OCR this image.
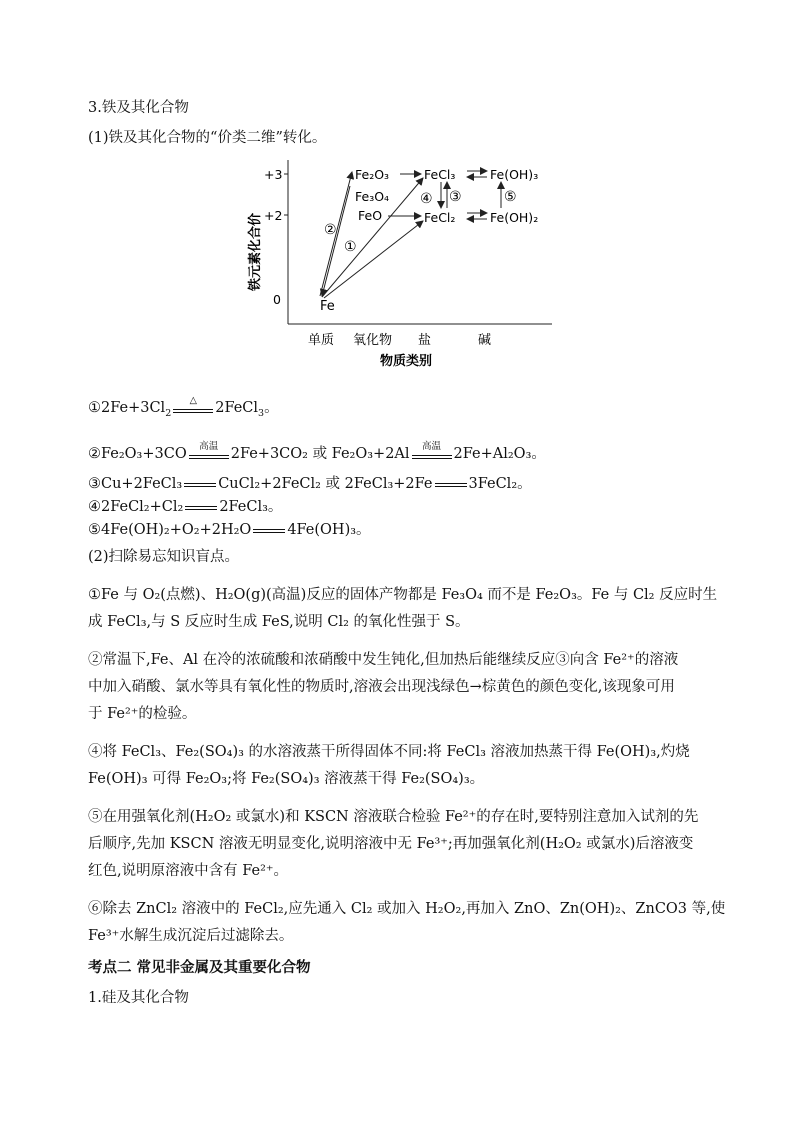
3.铁及其化合物
(1)铁及其化合物的“价类二维”转化。
+3
+2
0
铁元素化合价
单质 氧化物 盐	碱
物质类别
Fe
Fe₂O₃
Fe₃O₄
FeO
FeCl₃
FeCl₂
Fe(OH)₃
Fe(OH)₂
①
②
③
④	⑤
$①2Fe+3Cl_2$
△	2FeCl$_3$。
②Fe₂O₃+3CO	高温 2Fe+3CO₂ 或 Fe₂O₃+2Al	高温 2Fe+Al₂O₃。
③Cu+2FeCl₃ CuCl₂+2FeCl₂ 或 2FeCl₃+2Fe 3FeCl₂。
④2FeCl₂+Cl₂ 2FeCl₃。
⑤4Fe(OH)₂+O₂+2H₂O 4Fe(OH)₃。
(2)扫除易忘知识盲点。
①Fe 与 O₂(点燃)、H₂O(g)(高温)反应的固体产物都是 Fe₃O₄ 而不是 Fe₂O₃。Fe 与 Cl₂ 反应时生
成 FeCl₃,与 S 反应时生成 FeS,说明 Cl₂ 的氧化性强于 S。
②常温下,Fe、Al 在冷的浓硫酸和浓硝酸中发生钝化,但加热后能继续反应③向含 Fe²⁺的溶液
中加入硝酸、氯水等具有氧化性的物质时,溶液会出现浅绿色→棕黄色的颜色变化,该现象可用
于 Fe²⁺的检验。
④将 FeCl₃、Fe₂(SO₄)₃ 的水溶液蒸干所得固体不同:将 FeCl₃ 溶液加热蒸干得 Fe(OH)₃,灼烧
Fe(OH)₃ 可得 Fe₂O₃;将 Fe₂(SO₄)₃ 溶液蒸干得 Fe₂(SO₄)₃。
⑤在用强氧化剂(H₂O₂ 或氯水)和 KSCN 溶液联合检验 Fe²⁺的存在时,要特别注意加入试剂的先
后顺序,先加 KSCN 溶液无明显变化,说明溶液中无 Fe³⁺;再加强氧化剂(H₂O₂ 或氯水)后溶液变
红色,说明原溶液中含有 Fe²⁺。
⑥除去 ZnCl₂ 溶液中的 FeCl₂,应先通入 Cl₂ 或加入 H₂O₂,再加入 ZnO、Zn(OH)₂、ZnCO3 等,使
Fe³⁺水解生成沉淀后过滤除去。
考点二 常见非金属及其重要化合物
1.硅及其化合物
